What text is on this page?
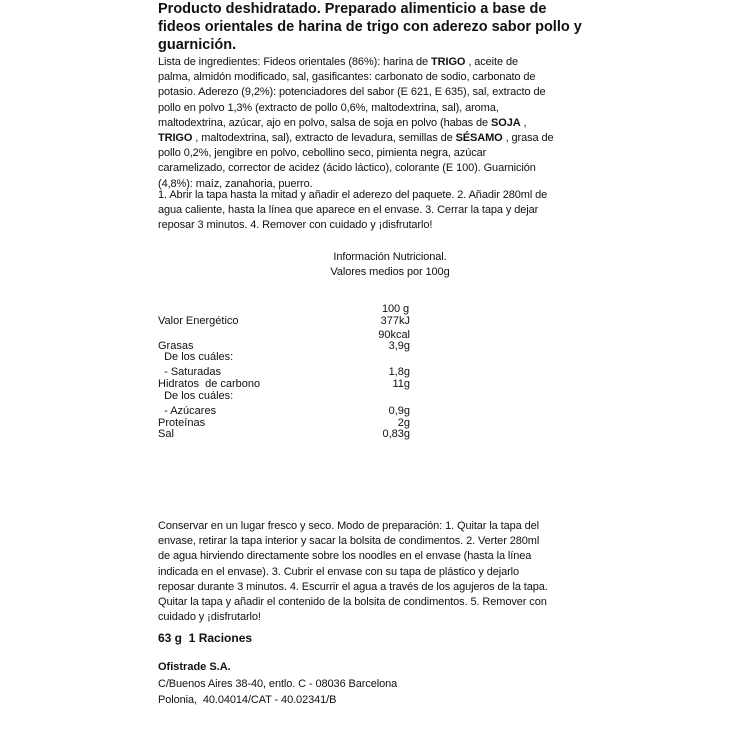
Producto deshidratado. Preparado alimenticio a base de
fideos orientales de harina de trigo con aderezo sabor pollo y
guarnición.
Lista de ingredientes: Fideos orientales (86%): harina de TRIGO , aceite de
palma, almidón modificado, sal, gasificantes: carbonato de sodio, carbonato de
potasio. Aderezo (9,2%): potenciadores del sabor (E 621, E 635), sal, extracto de
pollo en polvo 1,3% (extracto de pollo 0,6%, maltodextrina, sal), aroma,
maltodextrina, azúcar, ajo en polvo, salsa de soja en polvo (habas de SOJA ,
TRIGO , maltodextrina, sal), extracto de levadura, semillas de SÉSAMO , grasa de
pollo 0,2%, jengibre en polvo, cebollino seco, pimienta negra, azúcar
caramelizado, corrector de acidez (ácido láctico), colorante (E 100). Guarnición
(4,8%): maíz, zanahoria, puerro.
1. Abrir la tapa hasta la mitad y añadir el aderezo del paquete. 2. Añadir 280ml de
agua caliente, hasta la línea que aparece en el envase. 3. Cerrar la tapa y dejar
reposar 3 minutos. 4. Remover con cuidado y ¡disfrutarlo!
Información Nutricional.
Valores medios por 100g
100 g
Valor Energético	377kJ
90kcal
Grasas	3,9g
De los cuáles:
- Saturadas	1,8g
Hidratos  de carbono	11g
De los cuáles:
- Azúcares	0,9g
Proteínas	2g
Sal	0,83g
Conservar en un lugar fresco y seco. Modo de preparación: 1. Quitar la tapa del
envase, retirar la tapa interior y sacar la bolsita de condimentos. 2. Verter 280ml
de agua hirviendo directamente sobre los noodles en el envase (hasta la línea
indicada en el envase). 3. Cubrir el envase con su tapa de plástico y dejarlo
reposar durante 3 minutos. 4. Escurrir el agua a través de los agujeros de la tapa.
Quitar la tapa y añadir el contenido de la bolsita de condimentos. 5. Remover con
cuidado y ¡disfrutarlo!
63 g  1 Raciones
Ofistrade S.A.
C/Buenos Aires 38-40, entlo. C - 08036 Barcelona
Polonia,  40.04014/CAT - 40.02341/B
